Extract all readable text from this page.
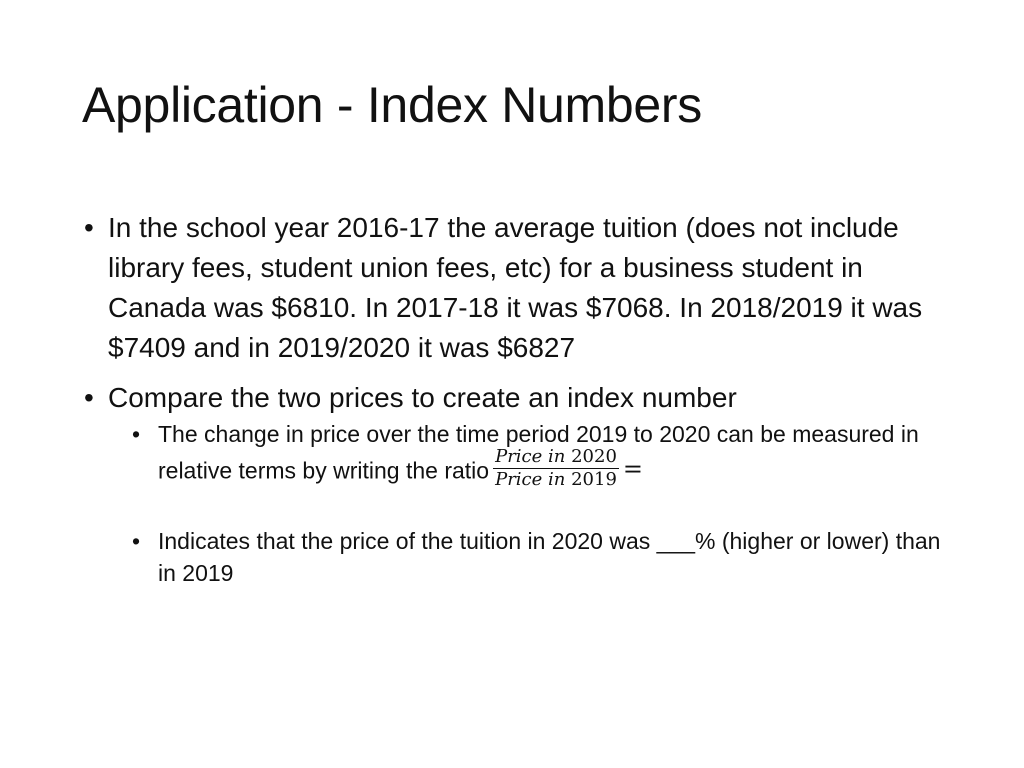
Application - Index Numbers
• In the school year 2016-17 the average tuition (does not include library fees, student union fees, etc) for a business student in Canada was $6810. In 2017-18 it was $7068. In 2018/2019 it was $7409 and in 2019/2020 it was $6827
• Compare the two prices to create an index number
• The change in price over the time period 2019 to 2020 can be measured in relative terms by writing the ratio $\frac{\text{Price in 2020}}{\text{Price in 2019}}$ =
• Indicates that the price of the tuition in 2020 was ___% (higher or lower) than in 2019
